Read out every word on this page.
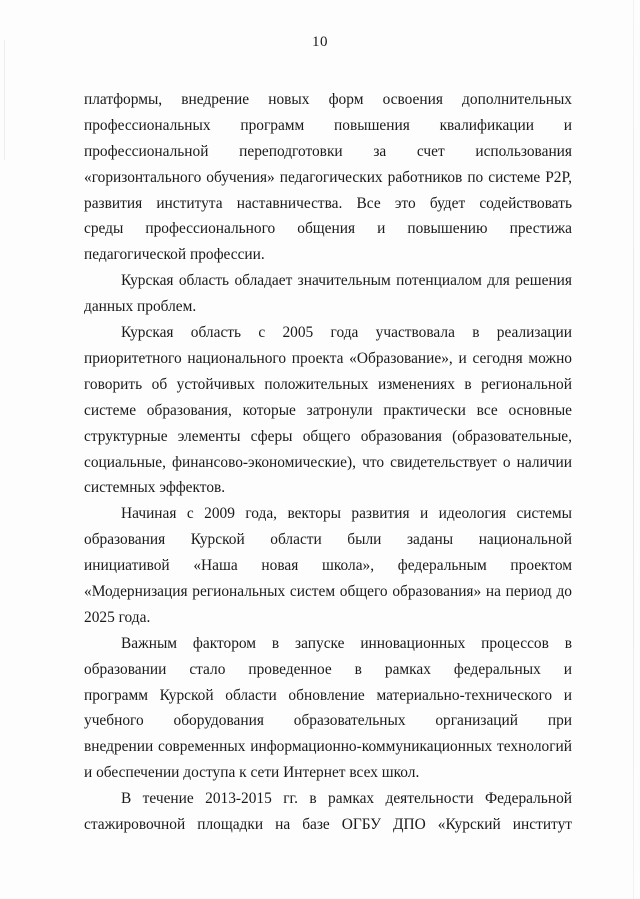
10
платформы, внедрение новых форм освоения дополнительных
профессиональных программ повышения квалификации и
профессиональной переподготовки за счет использования
«горизонтального обучения» педагогических работников по системе Р2Р,
развития института наставничества. Все это будет содействовать
среды профессионального общения и повышению престижа
педагогической профессии.
Курская область обладает значительным потенциалом для решения
данных проблем.
Курская область с 2005 года участвовала в реализации
приоритетного национального проекта «Образование», и сегодня можно
говорить об устойчивых положительных изменениях в региональной
системе образования, которые затронули практически все основные
структурные элементы сферы общего образования (образовательные,
социальные, финансово-экономические), что свидетельствует о наличии
системных эффектов.
Начиная с 2009 года, векторы развития и идеология системы
образования Курской области были заданы национальной
инициативой «Наша новая школа», федеральным проектом
«Модернизация региональных систем общего образования» на период до
2025 года.
Важным фактором в запуске инновационных процессов в
образовании стало проведенное в рамках федеральных и
программ Курской области обновление материально-технического и
учебного оборудования образовательных организаций при
внедрении современных информационно-коммуникационных технологий
и обеспечении доступа к сети Интернет всех школ.
В течение 2013-2015 гг. в рамках деятельности Федеральной
стажировочной площадки на базе ОГБУ ДПО «Курский институт
